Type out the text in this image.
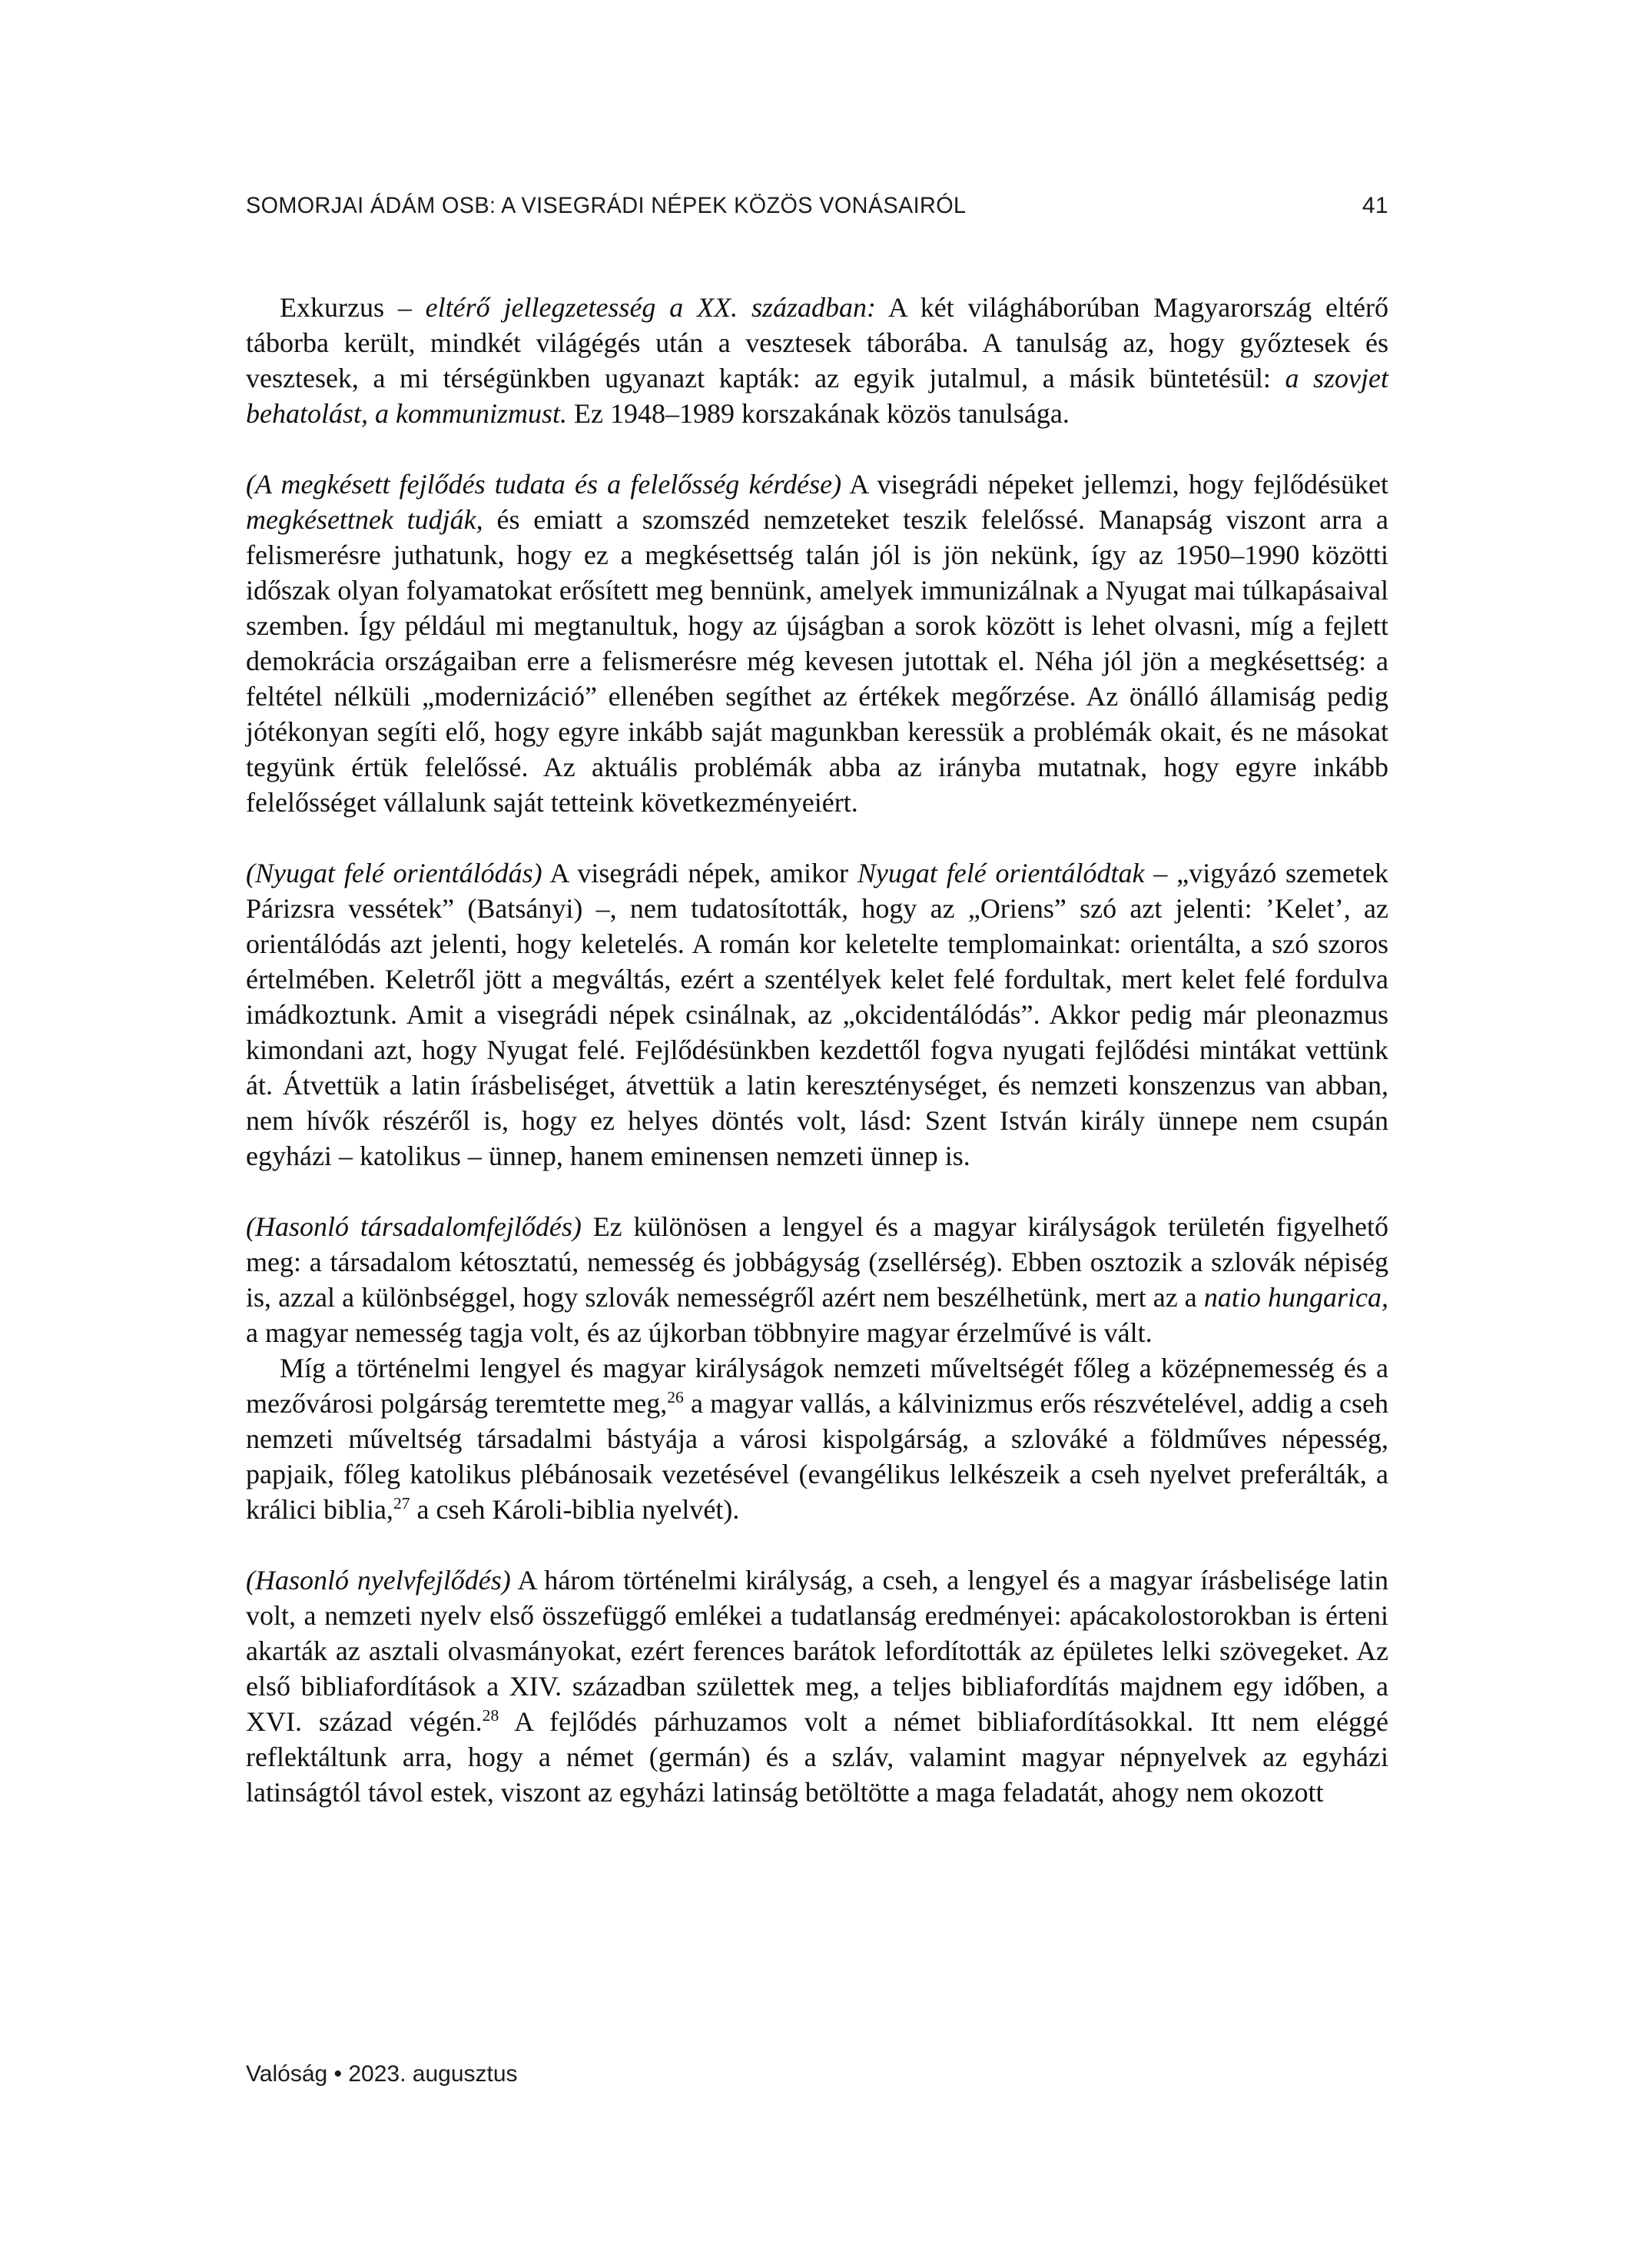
SOMORJAI ÁDÁM OSB: A VISEGRÁDI NÉPEK KÖZÖS VONÁSAIRÓL	41

Exkurzus – eltérő jellegzetesség a XX. században: A két világháborúban Magyarország eltérő táborba került, mindkét világégés után a vesztesek táborába. A tanulság az, hogy győztesek és vesztesek, a mi térségünkben ugyanazt kapták: az egyik jutalmul, a másik büntetésül: a szovjet behatolást, a kommunizmust. Ez 1948–1989 korszakának közös tanulsága.

(A megkésett fejlődés tudata és a felelősség kérdése) A visegrádi népeket jellemzi, hogy fejlődésüket megkésettnek tudják, és emiatt a szomszéd nemzeteket teszik felelőssé. Manapság viszont arra a felismerésre juthatunk, hogy ez a megkésettség talán jól is jön nekünk, így az 1950–1990 közötti időszak olyan folyamatokat erősített meg bennünk, amelyek immunizálnak a Nyugat mai túlkapásaival szemben. Így például mi megtanultuk, hogy az újságban a sorok között is lehet olvasni, míg a fejlett demokrácia országaiban erre a felismerésre még kevesen jutottak el. Néha jól jön a megkésettség: a feltétel nélküli „modernizáció” ellenében segíthet az értékek megőrzése. Az önálló államiság pedig jótékonyan segíti elő, hogy egyre inkább saját magunkban keressük a problémák okait, és ne másokat tegyünk értük felelőssé. Az aktuális problémák abba az irányba mutatnak, hogy egyre inkább felelősséget vállalunk saját tetteink következményeiért.

(Nyugat felé orientálódás) A visegrádi népek, amikor Nyugat felé orientálódtak – „vigyázó szemetek Párizsra vessétek” (Batsányi) –, nem tudatosították, hogy az „Oriens” szó azt jelenti: ’Kelet’, az orientálódás azt jelenti, hogy keletelés. A román kor keletelte templomainkat: orientálta, a szó szoros értelmében. Keletről jött a megváltás, ezért a szentélyek kelet felé fordultak, mert kelet felé fordulva imádkoztunk. Amit a visegrádi népek csinálnak, az „okcidentálódás”. Akkor pedig már pleonazmus kimondani azt, hogy Nyugat felé. Fejlődésünkben kezdettől fogva nyugati fejlődési mintákat vettünk át. Átvettük a latin írásbeliséget, átvettük a latin kereszténységet, és nemzeti konszenzus van abban, nem hívők részéről is, hogy ez helyes döntés volt, lásd: Szent István király ünnepe nem csupán egyházi – katolikus – ünnep, hanem eminensen nemzeti ünnep is.

(Hasonló társadalomfejlődés) Ez különösen a lengyel és a magyar királyságok területén figyelhető meg: a társadalom kétosztatú, nemesség és jobbágyság (zsellérség). Ebben osztozik a szlovák népiség is, azzal a különbséggel, hogy szlovák nemességről azért nem beszélhetünk, mert az a natio hungarica, a magyar nemesség tagja volt, és az újkorban többnyire magyar érzelművé is vált.

Míg a történelmi lengyel és magyar királyságok nemzeti műveltségét főleg a középnemesség és a mezővárosi polgárság teremtette meg,$^{26}$ a magyar vallás, a kálvinizmus erős részvételével, addig a cseh nemzeti műveltség társadalmi bástyája a városi kispolgárság, a szlováké a földműves népesség, papjaik, főleg katolikus plébánosaik vezetésével (evangélikus lelkészeik a cseh nyelvet preferálták, a králici biblia,$^{27}$ a cseh Károli-biblia nyelvét).

(Hasonló nyelvfejlődés) A három történelmi királyság, a cseh, a lengyel és a magyar írásbelisége latin volt, a nemzeti nyelv első összefüggő emlékei a tudatlanság eredményei: apácakolostorokban is érteni akarták az asztali olvasmányokat, ezért ferences barátok lefordították az épületes lelki szövegeket. Az első bibliafordítások a XIV. században születtek meg, a teljes bibliafordítás majdnem egy időben, a XVI. század végén.$^{28}$ A fejlődés párhuzamos volt a német bibliafordításokkal. Itt nem eléggé reflektáltunk arra, hogy a német (germán) és a szláv, valamint magyar népnyelvek az egyházi latinságtól távol estek, viszont az egyházi latinság betöltötte a maga feladatát, ahogy nem okozott

Valóság • 2023. augusztus
